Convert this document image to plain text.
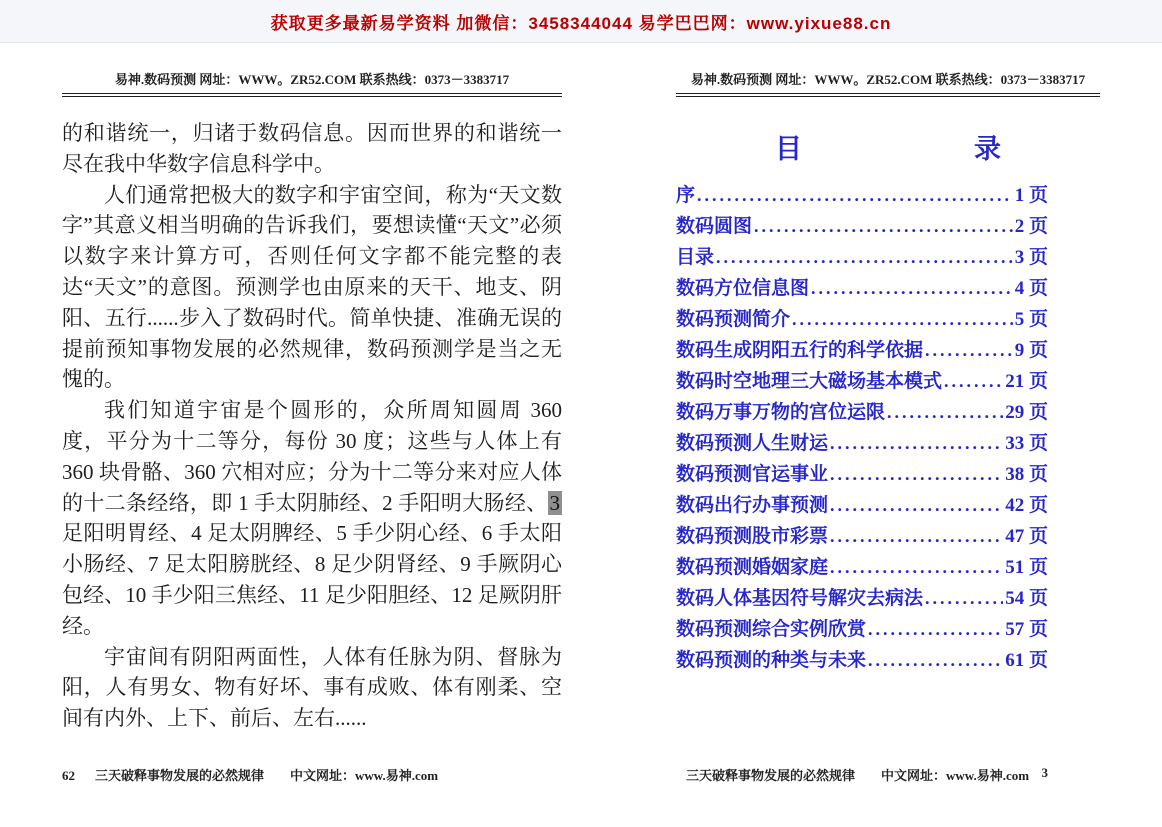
获取更多最新易学资料 加微信：3458344044 易学巴巴网：www.yixue88.cn
易神.数码预测 网址：WWW。ZR52.COM 联系热线：0373－3383717

的和谐统一，归诸于数码信息。因而世界的和谐统一尽在我中华数字信息科学中。

人们通常把极大的数字和宇宙空间，称为“天文数字”其意义相当明确的告诉我们，要想读懂“天文”必须以数字来计算方可，否则任何文字都不能完整的表达“天文”的意图。预测学也由原来的天干、地支、阴阳、五行......步入了数码时代。简单快捷、准确无误的提前预知事物发展的必然规律，数码预测学是当之无愧的。

我们知道宇宙是个圆形的，众所周知圆周 360 度，平分为十二等分，每份 30 度；这些与人体上有 360 块骨骼、360 穴相对应；分为十二等分来对应人体的十二条经络，即 1 手太阴肺经、2 手阳明大肠经、3 足阳明胃经、4 足太阴脾经、5 手少阴心经、6 手太阳小肠经、7 足太阳膀胱经、8 足少阴肾经、9 手厥阴心包经、10 手少阳三焦经、11 足少阳胆经、12 足厥阴肝经。

宇宙间有阴阳两面性，人体有任脉为阴、督脉为阳，人有男女、物有好坏、事有成败、体有刚柔、空间有内外、上下、前后、左右......

62 三天破释事物发展的必然规律 中文网址：www.易神.com
易神.数码预测 网址：WWW。ZR52.COM 联系热线：0373－3383717
目	录
序 .....	1 页
数码圆图 .....	2 页
目录 .....	3 页
数码方位信息图 .....	4 页
数码预测简介 .....	5 页
数码生成阴阳五行的科学依据 .....	9 页
数码时空地理三大磁场基本模式 .....	21 页
数码万事万物的宫位运限 .....	29 页
数码预测人生财运 .....	33 页
数码预测官运事业 .....	38 页
数码出行办事预测 .....	42 页
数码预测股市彩票 .....	47 页
数码预测婚姻家庭 .....	51 页
数码人体基因符号解灾去病法 .....	54 页
数码预测综合实例欣赏 .....	57 页
数码预测的种类与未来 .....	61 页
三天破释事物发展的必然规律 中文网址：www.易神.com 3
